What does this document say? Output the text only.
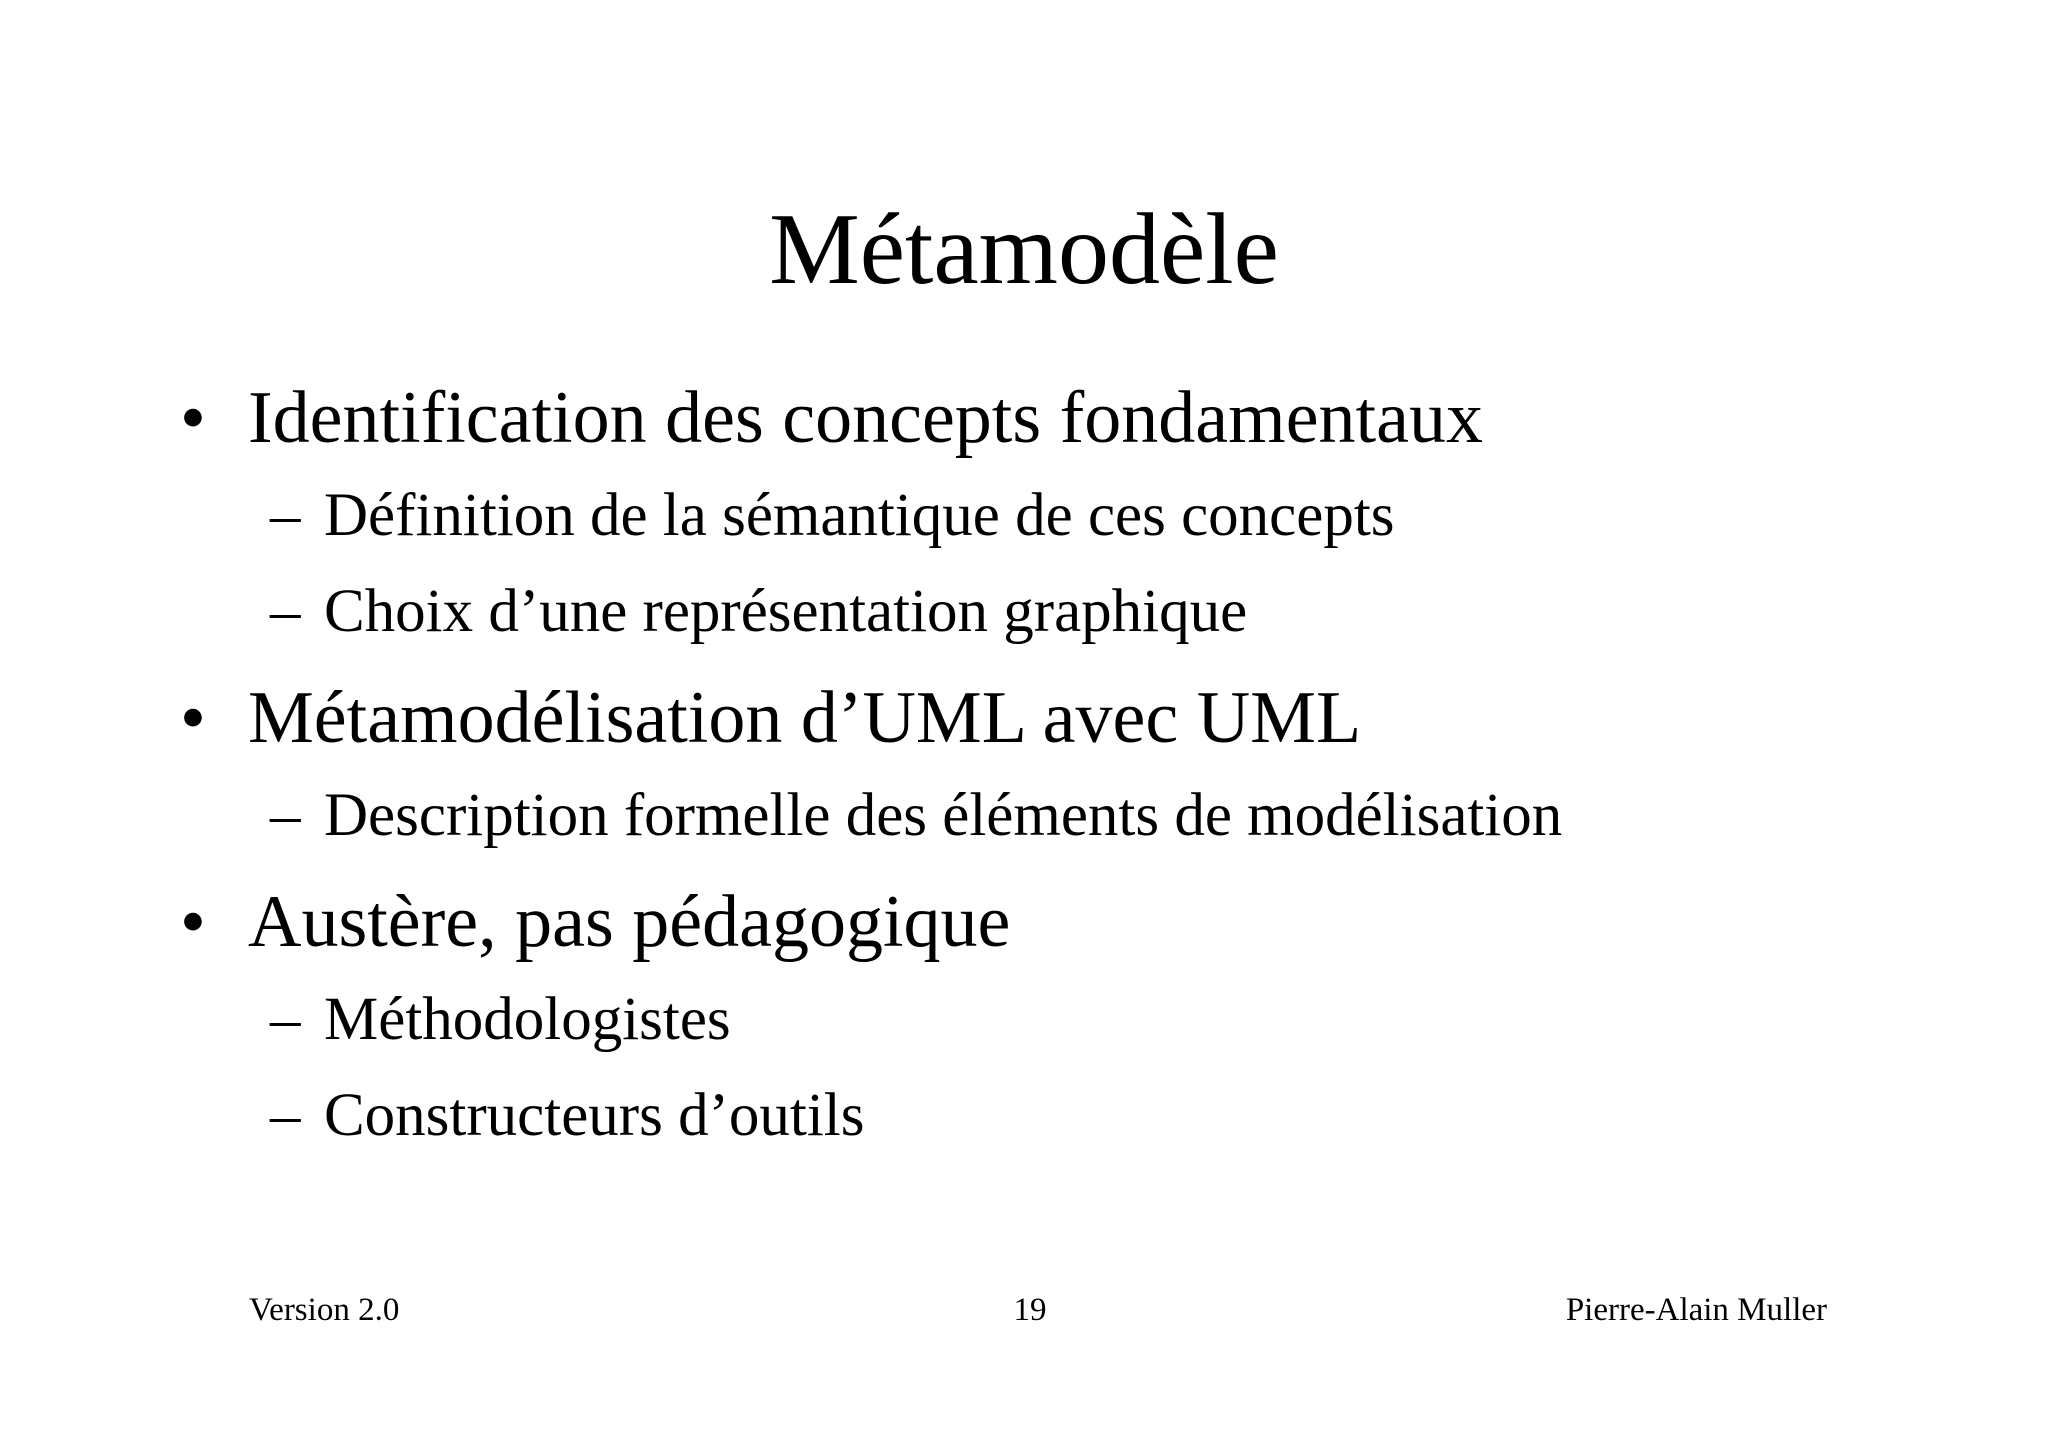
Métamodèle
• Identification des concepts fondamentaux
– Définition de la sémantique de ces concepts
– Choix d’une représentation graphique
• Métamodélisation d’UML avec UML
– Description formelle des éléments de modélisation
• Austère, pas pédagogique
– Méthodologistes
– Constructeurs d’outils
Version 2.0	19	Pierre-Alain Muller
